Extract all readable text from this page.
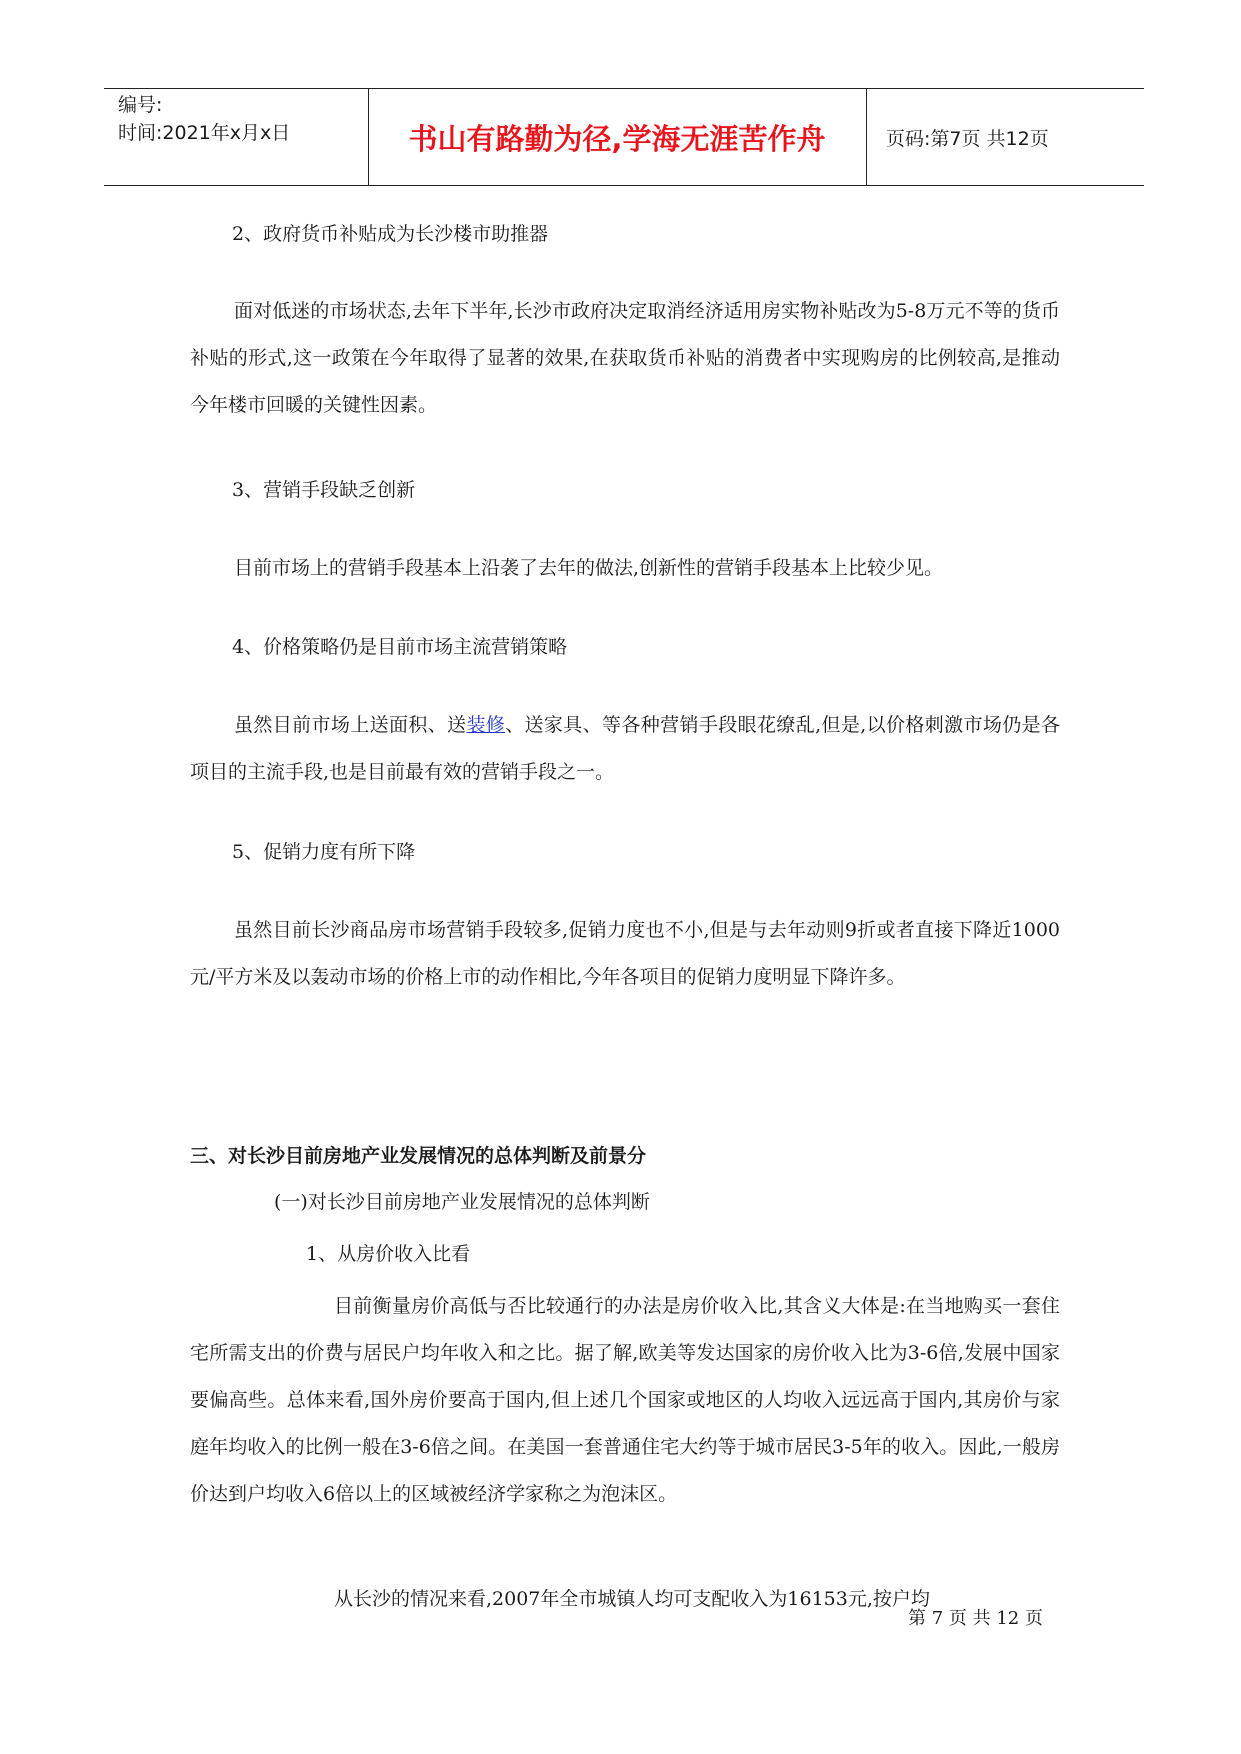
编号:
时间:2021年x月x日	书山有路勤为径,学海无涯苦作舟	页码:第7页 共12页
2、政府货币补贴成为长沙楼市助推器

面对低迷的市场状态,去年下半年,长沙市政府决定取消经济适用房实物补贴改为5-8万元不等的货币补贴的形式,这一政策在今年取得了显著的效果,在获取货币补贴的消费者中实现购房的比例较高,是推动今年楼市回暖的关键性因素。

3、营销手段缺乏创新

目前市场上的营销手段基本上沿袭了去年的做法,创新性的营销手段基本上比较少见。

4、价格策略仍是目前市场主流营销策略

虽然目前市场上送面积、送装修、送家具、等各种营销手段眼花缭乱,但是,以价格刺激市场仍是各项目的主流手段,也是目前最有效的营销手段之一。

5、促销力度有所下降

虽然目前长沙商品房市场营销手段较多,促销力度也不小,但是与去年动则9折或者直接下降近1000元/平方米及以轰动市场的价格上市的动作相比,今年各项目的促销力度明显下降许多。

三、对长沙目前房地产业发展情况的总体判断及前景分
(一)对长沙目前房地产业发展情况的总体判断
1、从房价收入比看

目前衡量房价高低与否比较通行的办法是房价收入比,其含义大体是:在当地购买一套住宅所需支出的价费与居民户均年收入和之比。据了解,欧美等发达国家的房价收入比为3-6倍,发展中国家要偏高些。总体来看,国外房价要高于国内,但上述几个国家或地区的人均收入远远高于国内,其房价与家庭年均收入的比例一般在3-6倍之间。在美国一套普通住宅大约等于城市居民3-5年的收入。因此,一般房价达到户均收入6倍以上的区域被经济学家称之为泡沫区。

从长沙的情况来看,2007年全市城镇人均可支配收入为16153元,按户均

第 7 页 共 12 页
